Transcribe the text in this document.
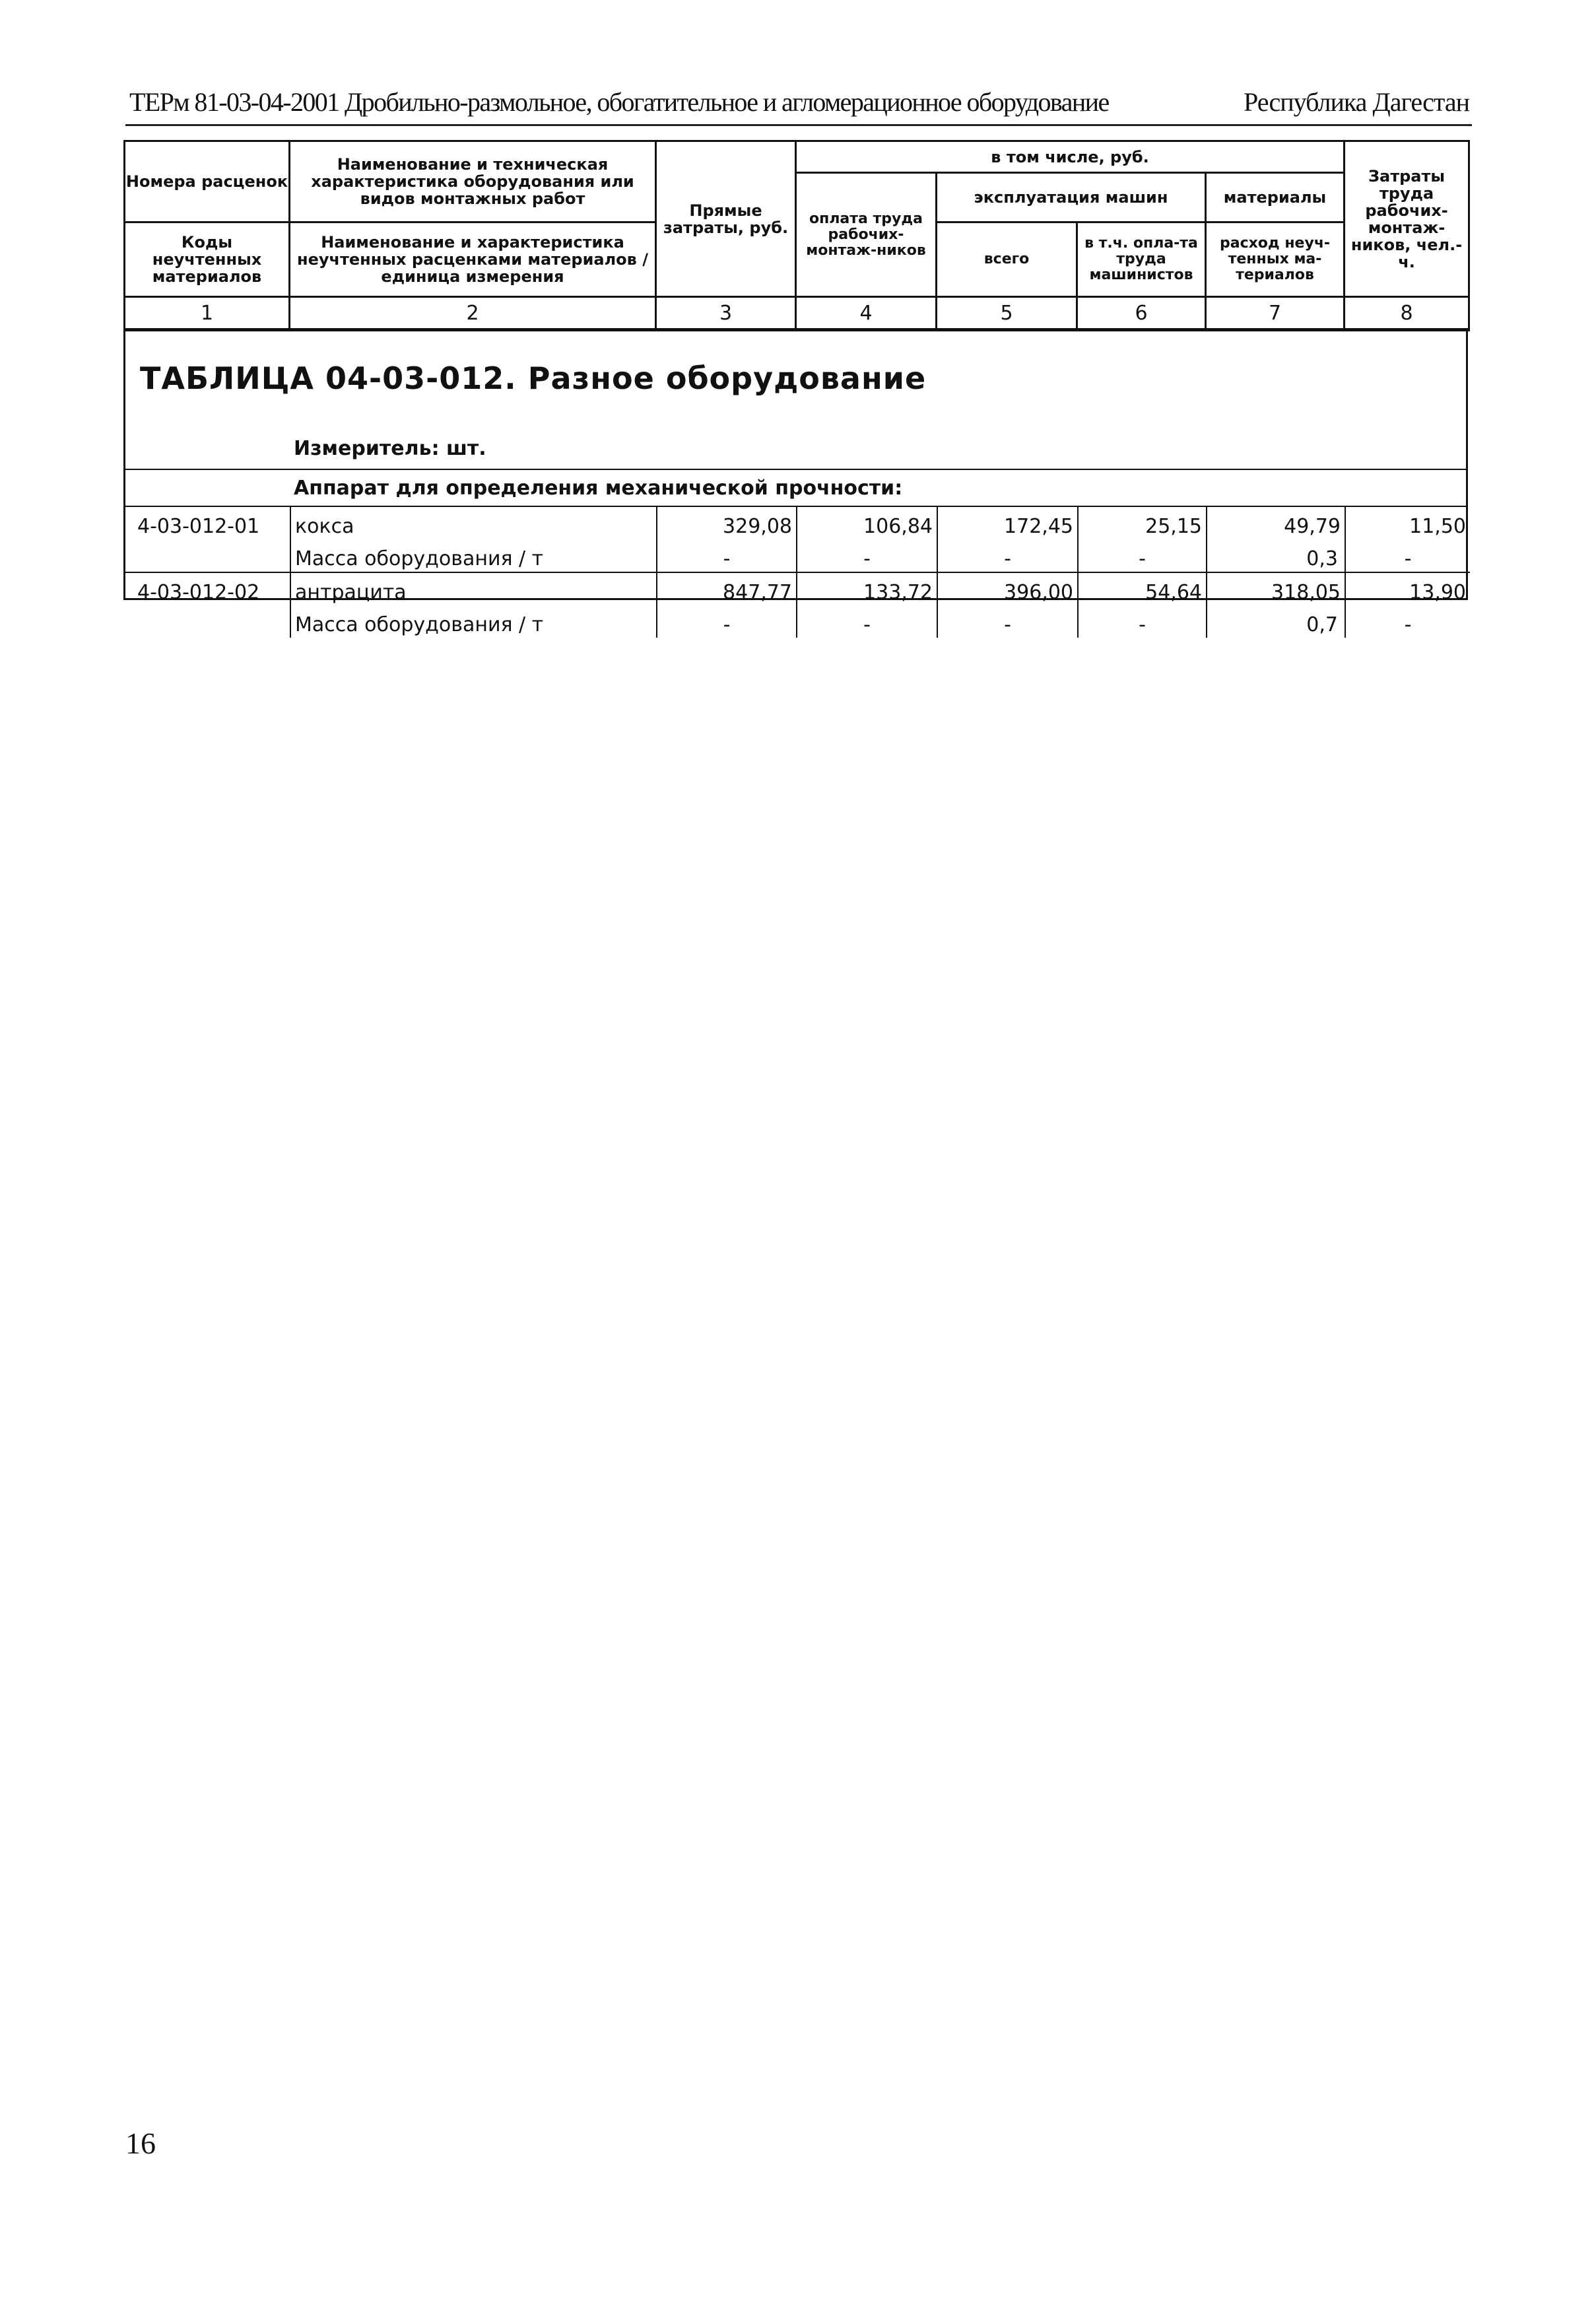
ТЕРм 81-03-04-2001 Дробильно-размольное, обогатительное и агломерационное оборудование	Республика Дагестан
Номера расценок	Наименование и техническая характеристика оборудования или видов монтажных работ	Прямые затраты, руб.	в том числе, руб.				Затраты труда рабочих-монтаж-ников, чел.-ч.
			оплата труда рабочих-монтаж-ников	эксплуатация машин		материалы	
Коды неучтенных материалов	Наименование и характеристика неучтенных расценками материалов / единица измерения			всего	в т.ч. опла-та труда машинистов	расход неуч-тенных ма-териалов	

1	2	3	4	5	6	7	8
ТАБЛИЦА 04-03-012. Разное оборудование
Измеритель: шт.
Аппарат для определения механической прочности:
4-03-012-01	кокса	329,08	106,84	172,45	25,15	49,79	11,50
	Масса оборудования / т	-	-	-	-	0,3	-
4-03-012-02	антрацита	847,77	133,72	396,00	54,64	318,05	13,90
	Масса оборудования / т	-	-	-	-	0,7	-
16
